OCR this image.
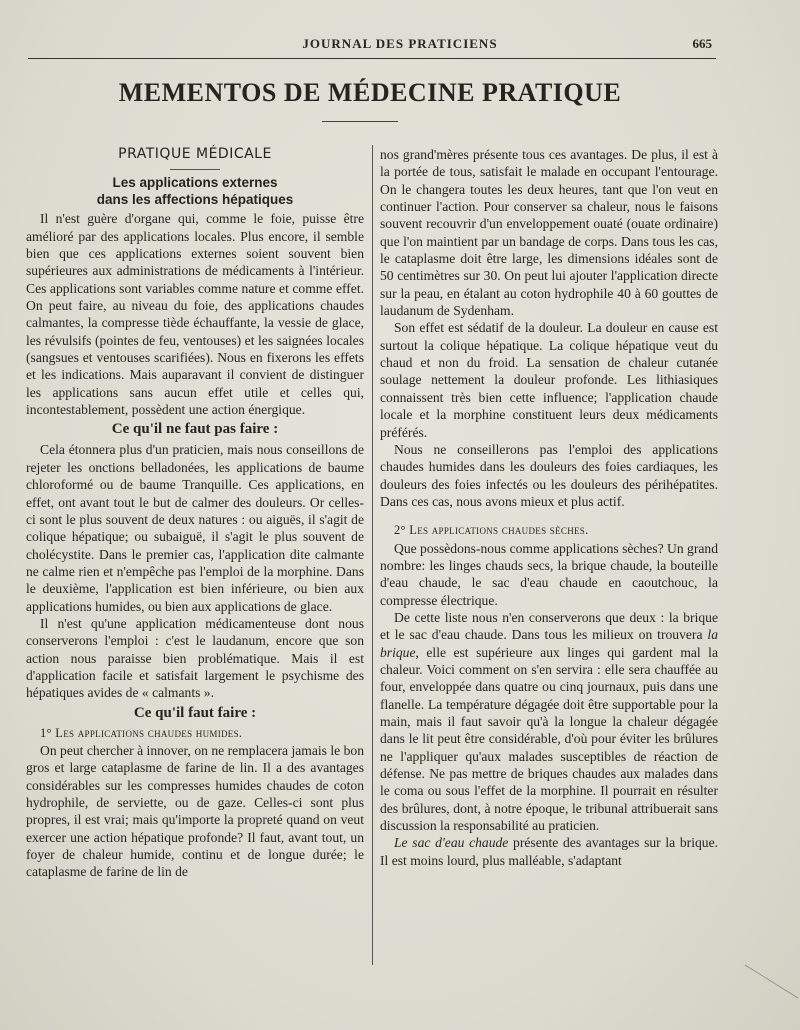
JOURNAL DES PRATICIENS	665
MEMENTOS DE MÉDECINE PRATIQUE
PRATIQUE MÉDICALE
Les applications externes
dans les affections hépatiques

Il n'est guère d'organe qui, comme le foie, puisse être amélioré par des applications locales. Plus encore, il semble bien que ces applications externes soient souvent bien supérieures aux administrations de médicaments à l'intérieur. Ces applications sont variables comme nature et comme effet. On peut faire, au niveau du foie, des applications chaudes calmantes, la compresse tiède échauffante, la vessie de glace, les révulsifs (pointes de feu, ventouses) et les saignées locales (sangsues et ventouses scarifiées). Nous en fixerons les effets et les indications. Mais auparavant il convient de distinguer les applications sans aucun effet utile et celles qui, incontestablement, possèdent une action énergique.

Ce qu'il ne faut pas faire :

Cela étonnera plus d'un praticien, mais nous conseillons de rejeter les onctions belladonées, les applications de baume chloroformé ou de baume Tranquille. Ces applications, en effet, ont avant tout le but de calmer des douleurs. Or celles-ci sont le plus souvent de deux natures : ou aiguës, il s'agit de colique hépatique; ou subaiguë, il s'agit le plus souvent de cholécystite. Dans le premier cas, l'application dite calmante ne calme rien et n'empêche pas l'emploi de la morphine. Dans le deuxième, l'application est bien inférieure, ou bien aux applications humides, ou bien aux applications de glace.

Il n'est qu'une application médicamenteuse dont nous conserverons l'emploi : c'est le laudanum, encore que son action nous paraisse bien problématique. Mais il est d'application facile et satisfait largement le psychisme des hépatiques avides de « calmants ».

Ce qu'il faut faire :

1° Les applications chaudes humides.

On peut chercher à innover, on ne remplacera jamais le bon gros et large cataplasme de farine de lin. Il a des avantages considérables sur les compresses humides chaudes de coton hydrophile, de serviette, ou de gaze. Celles-ci sont plus propres, il est vrai; mais qu'importe la propreté quand on veut exercer une action hépatique profonde? Il faut, avant tout, un foyer de chaleur humide, continu et de longue durée; le cataplasme de farine de lin de

nos grand'mères présente tous ces avantages. De plus, il est à la portée de tous, satisfait le malade en occupant l'entourage. On le changera toutes les deux heures, tant que l'on veut en continuer l'action. Pour conserver sa chaleur, nous le faisons souvent recouvrir d'un enveloppement ouaté (ouate ordinaire) que l'on maintient par un bandage de corps. Dans tous les cas, le cataplasme doit être large, les dimensions idéales sont de 50 centimètres sur 30. On peut lui ajouter l'application directe sur la peau, en étalant au coton hydrophile 40 à 60 gouttes de laudanum de Sydenham.

Son effet est sédatif de la douleur. La douleur en cause est surtout la colique hépatique. La colique hépatique veut du chaud et non du froid. La sensation de chaleur cutanée soulage nettement la douleur profonde. Les lithiasiques connaissent très bien cette influence; l'application chaude locale et la morphine constituent leurs deux médicaments préférés.

Nous ne conseillerons pas l'emploi des applications chaudes humides dans les douleurs des foies cardiaques, les douleurs des foies infectés ou les douleurs des périhépatites. Dans ces cas, nous avons mieux et plus actif.

2° Les applications chaudes sèches.

Que possèdons-nous comme applications sèches? Un grand nombre: les linges chauds secs, la brique chaude, la bouteille d'eau chaude, le sac d'eau chaude en caoutchouc, la compresse électrique.

De cette liste nous n'en conserverons que deux : la brique et le sac d'eau chaude. Dans tous les milieux on trouvera la brique, elle est supérieure aux linges qui gardent mal la chaleur. Voici comment on s'en servira : elle sera chauffée au four, enveloppée dans quatre ou cinq journaux, puis dans une flanelle. La température dégagée doit être supportable pour la main, mais il faut savoir qu'à la longue la chaleur dégagée dans le lit peut être considérable, d'où pour éviter les brûlures ne l'appliquer qu'aux malades susceptibles de réaction de défense. Ne pas mettre de briques chaudes aux malades dans le coma ou sous l'effet de la morphine. Il pourrait en résulter des brûlures, dont, à notre époque, le tribunal attribuerait sans discussion la responsabilité au praticien.

Le sac d'eau chaude présente des avantages sur la brique. Il est moins lourd, plus malléable, s'adaptant
